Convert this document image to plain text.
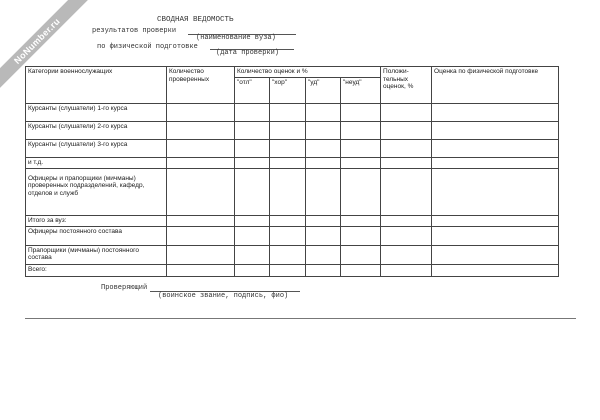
NoNumber.ru	СВОДНАЯ ВЕДОМОСТЬ
результатов проверки
(наименование вуза)
по физической подготовке
(дата проверки)
Категории военнослужащих	Количество проверенных	Количество оценок и %				Положи-тельных оценок, %	Оценка по физической подготовке
		"отл"	"хор"	"уд"	"неуд"		
Курсанты (слушатели) 1-го курса							
Курсанты (слушатели) 2-го курса							
Курсанты (слушатели) 3-го курса							
и т.д.							
Офицеры и прапорщики (мичманы) проверенных подразделений, кафедр, отделов и служб							
Итого за вуз:							
Офицеры постоянного состава							
Прапорщики (мичманы) постоянного состава							
Всего:							
Проверяющий
(воинское звание, подпись, фио)
